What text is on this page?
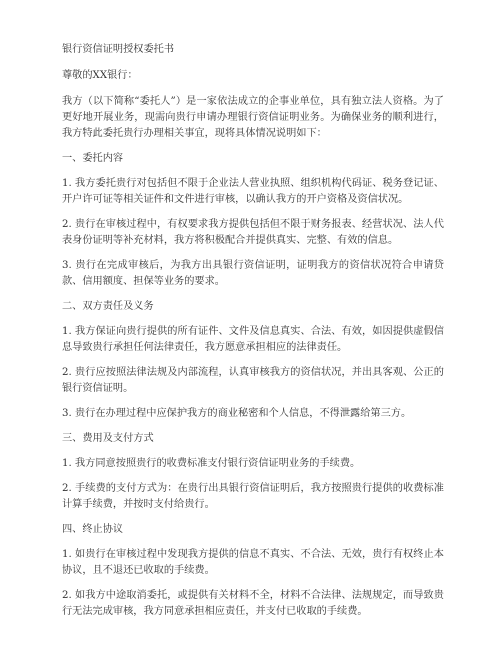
银行资信证明授权委托书

尊敬的XX银行：

我方（以下简称“委托人”）是一家依法成立的企事业单位，具有独立法人资格。为了更好地开展业务，现需向贵行申请办理银行资信证明业务。为确保业务的顺利进行，我方特此委托贵行办理相关事宜，现将具体情况说明如下：

一、委托内容

1. 我方委托贵行对包括但不限于企业法人营业执照、组织机构代码证、税务登记证、开户许可证等相关证件和文件进行审核，以确认我方的开户资格及资信状况。

2. 贵行在审核过程中，有权要求我方提供包括但不限于财务报表、经营状况、法人代表身份证明等补充材料，我方将积极配合并提供真实、完整、有效的信息。

3. 贵行在完成审核后，为我方出具银行资信证明，证明我方的资信状况符合申请贷款、信用额度、担保等业务的要求。

二、双方责任及义务

1. 我方保证向贵行提供的所有证件、文件及信息真实、合法、有效，如因提供虚假信息导致贵行承担任何法律责任，我方愿意承担相应的法律责任。

2. 贵行应按照法律法规及内部流程，认真审核我方的资信状况，并出具客观、公正的银行资信证明。

3. 贵行在办理过程中应保护我方的商业秘密和个人信息，不得泄露给第三方。

三、费用及支付方式

1. 我方同意按照贵行的收费标准支付银行资信证明业务的手续费。

2. 手续费的支付方式为：在贵行出具银行资信证明后，我方按照贵行提供的收费标准计算手续费，并按时支付给贵行。

四、终止协议

1. 如贵行在审核过程中发现我方提供的信息不真实、不合法、无效，贵行有权终止本协议，且不退还已收取的手续费。

2. 如我方中途取消委托，或提供有关材料不全，材料不合法律、法规规定，而导致贵行无法完成审核，我方同意承担相应责任，并支付已收取的手续费。
